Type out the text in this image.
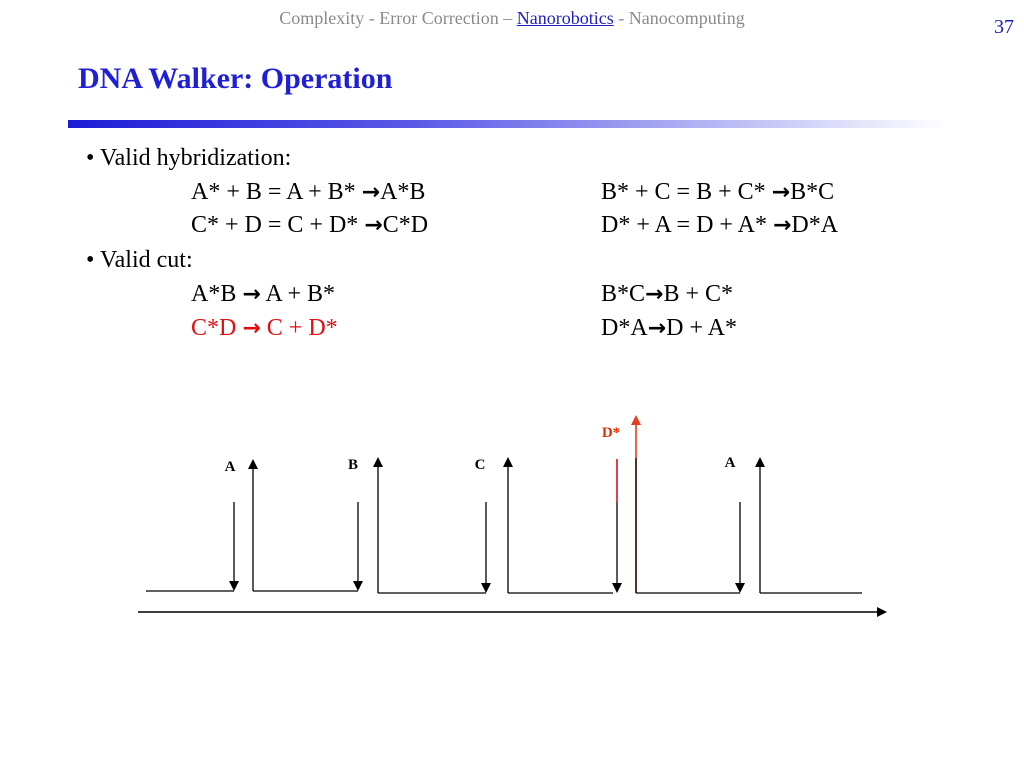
Complexity - Error Correction – Nanorobotics - Nanocomputing	37
DNA Walker: Operation
• Valid hybridization:
A* + B = A + B* →A*B	B* + C = B + C* →B*C
C* + D = C + D* →C*D	D* + A = D + A* →D*A
• Valid cut:
A*B → A + B*	B*C→B + C*
C*D → C + D*	D*A→D + A*
A	B	C
D*
A
